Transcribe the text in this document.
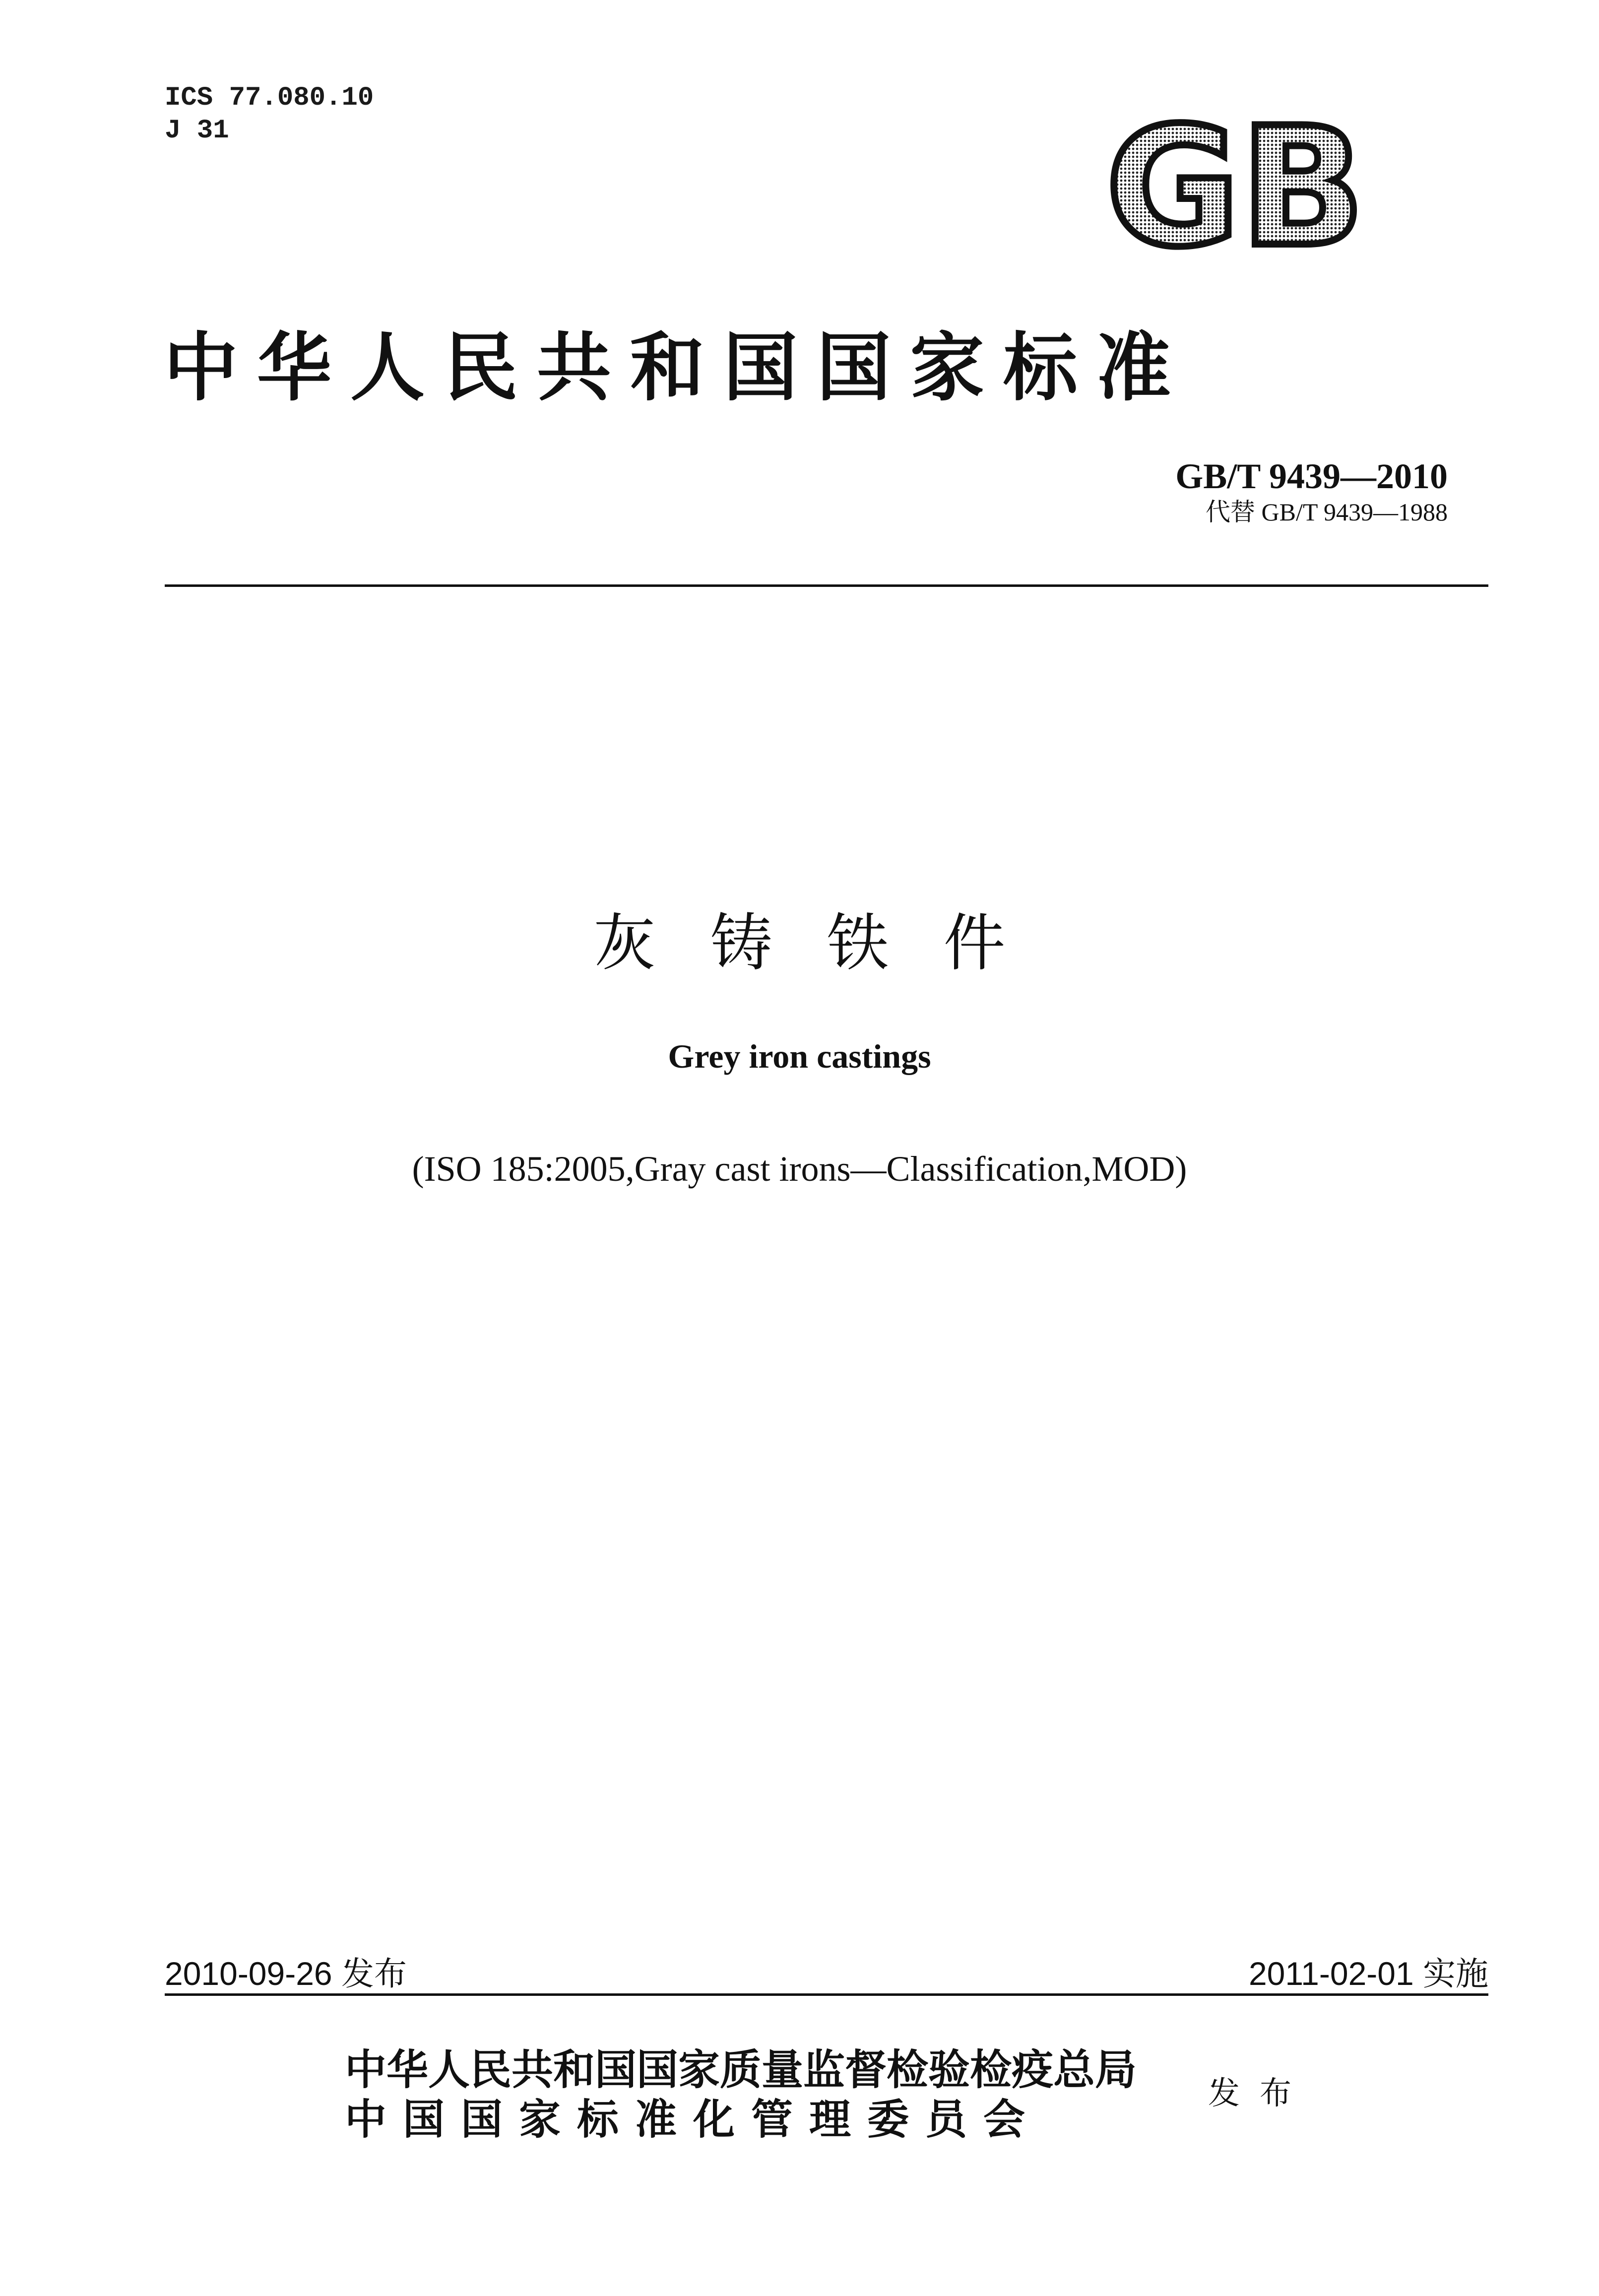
ICS 77.080.10
J 31	GB
中华人民共和国国家标准
GB/T 9439—2010
代替 GB/T 9439—1988
灰铸铁件
Grey iron castings
(ISO 185:2005,Gray cast irons—Classification,MOD)
2010-09-26 发布	2011-02-01 实施
中华人民共和国国家质量监督检验检疫总局
中国国家标准化管理委员会
发布
